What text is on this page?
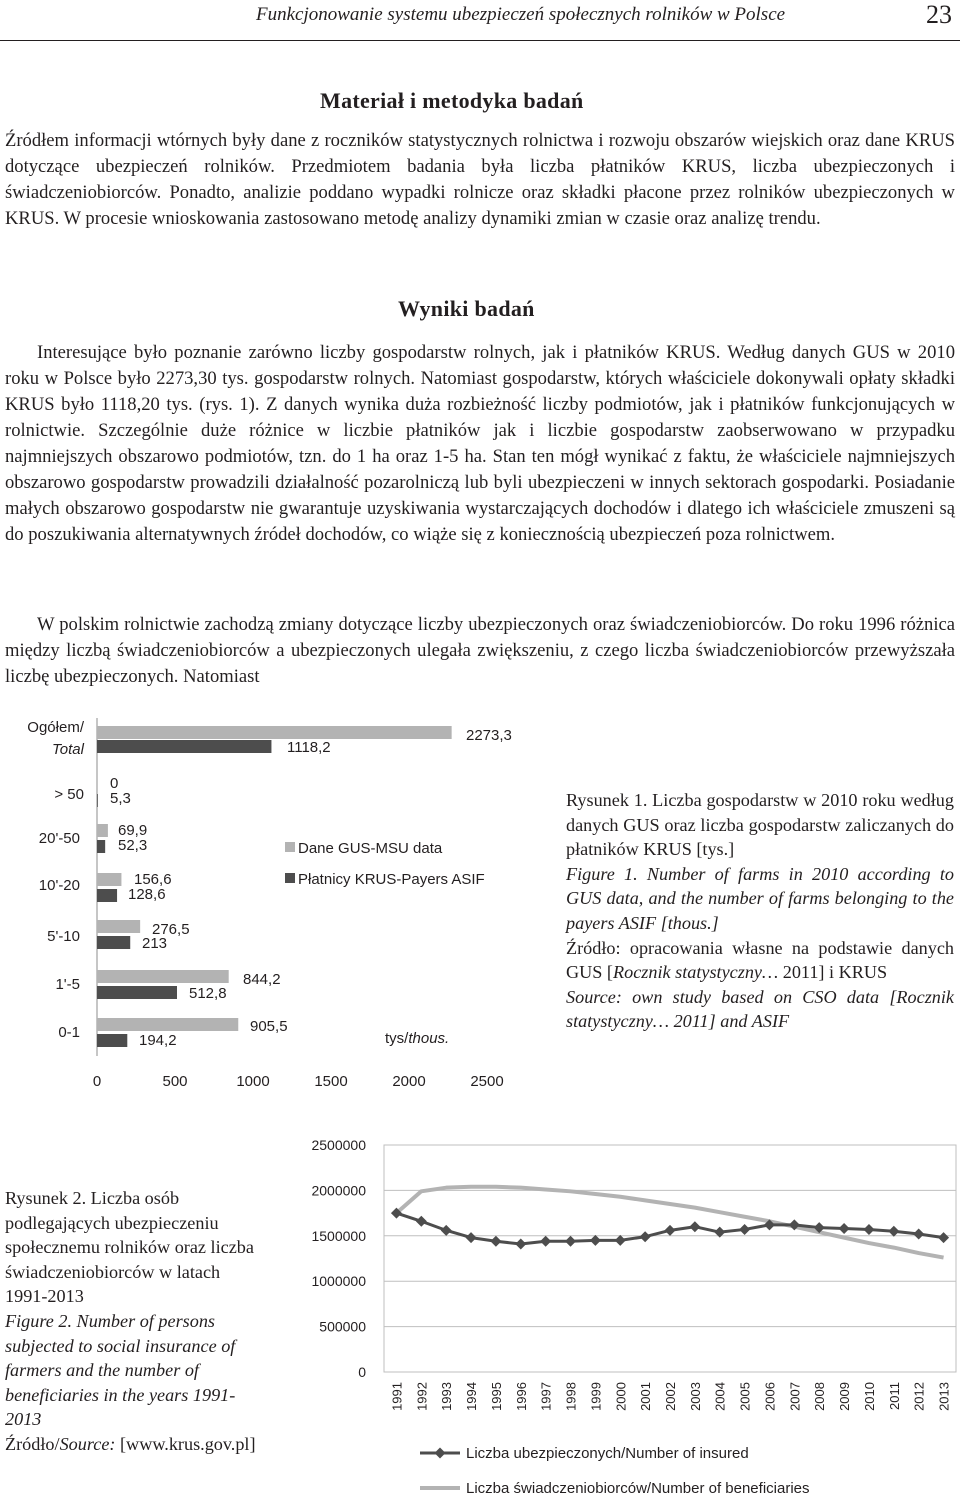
Funkcjonowanie systemu ubezpieczeń społecznych rolników w Polsce	23
Materiał i metodyka badań

Źródłem informacji wtórnych były dane z roczników statystycznych rolnictwa i rozwoju obszarów wiejskich oraz dane KRUS dotyczące ubezpieczeń rolników. Przedmiotem badania była liczba płatników KRUS, liczba ubezpieczonych i świadczeniobiorców. Ponadto, analizie poddano wypadki rolnicze oraz składki płacone przez rolników ubezpieczonych w KRUS. W procesie wnioskowania zastosowano metodę analizy dynamiki zmian w czasie oraz analizę trendu.

Wyniki badań

Interesujące było poznanie zarówno liczby gospodarstw rolnych, jak i płatników KRUS. Według danych GUS w 2010 roku w Polsce było 2273,30 tys. gospodarstw rolnych. Natomiast gospodarstw, których właściciele dokonywali opłaty składki KRUS było 1118,20 tys. (rys. 1). Z danych wynika duża rozbieżność liczby podmiotów, jak i płatników funkcjonujących w rolnictwie. Szczególnie duże różnice w liczbie płatników jak i liczbie gospodarstw zaobserwowano w przypadku najmniejszych obszarowo podmiotów, tzn. do 1 ha oraz 1-5 ha. Stan ten mógł wynikać z faktu, że właściciele najmniejszych obszarowo gospodarstw prowadzili działalność pozarolniczą lub byli ubezpieczeni w innych sektorach gospodarki. Posiadanie małych obszarowo gospodarstw nie gwarantuje uzyskiwania wystarczających dochodów i dlatego ich właściciele zmuszeni są do poszukiwania alternatywnych źródeł dochodów, co wiąże się z koniecznością ubezpieczeń poza rolnictwem.

W polskim rolnictwie zachodzą zmiany dotyczące liczby ubezpieczonych oraz świadczeniobiorców. Do roku 1996 różnica między liczbą świadczeniobiorców a ubezpieczonych ulegała zwiększeniu, z czego liczba świadczeniobiorców przewyższała liczbę ubezpieczonych. Natomiast

Ogółem/
Total
> 50
20'-50
10'-20
5'-10
1'-5
0-1
2273,3
1118,2
0
5,3
69,9
52,3
156,6
128,6
276,5
213
844,2
512,8
905,5
194,2
0	500	1000	1500	2000	2500
Dane GUS-MSU data
Płatnicy KRUS-Payers ASIF
tys/thous.
Rysunek 1. Liczba gospodarstw w 2010 roku według danych GUS oraz liczba gospodarstw zaliczanych do płatników KRUS [tys.]
Figure 1. Number of farms in 2010 according to GUS data, and the number of farms belonging to the payers ASIF [thous.]
Źródło: opracowania własne na podstawie danych GUS [Rocznik statystyczny… 2011] i KRUS
Source: own study based on CSO data [Rocznik statystyczny… 2011] and ASIF
Rysunek 2. Liczba osób podlegających ubezpieczeniu społecznemu rolników oraz liczba świadczeniobiorców w latach 1991-2013
Figure 2. Number of persons subjected to social insurance of farmers and the number of beneficiaries in the years 1991-2013
Źródło/Source: [www.krus.gov.pl]
0
500000
1000000
1500000
2000000
2500000
1991 1992 1993 1994 1995 1996 1997 1998 1999 2000 2001 2002 2003 2004 2005 2006 2007 2008 2009 2010 2011 2012 2013
Liczba ubezpieczonych/Number of insured
Liczba świadczeniobiorców/Number of beneficiaries
